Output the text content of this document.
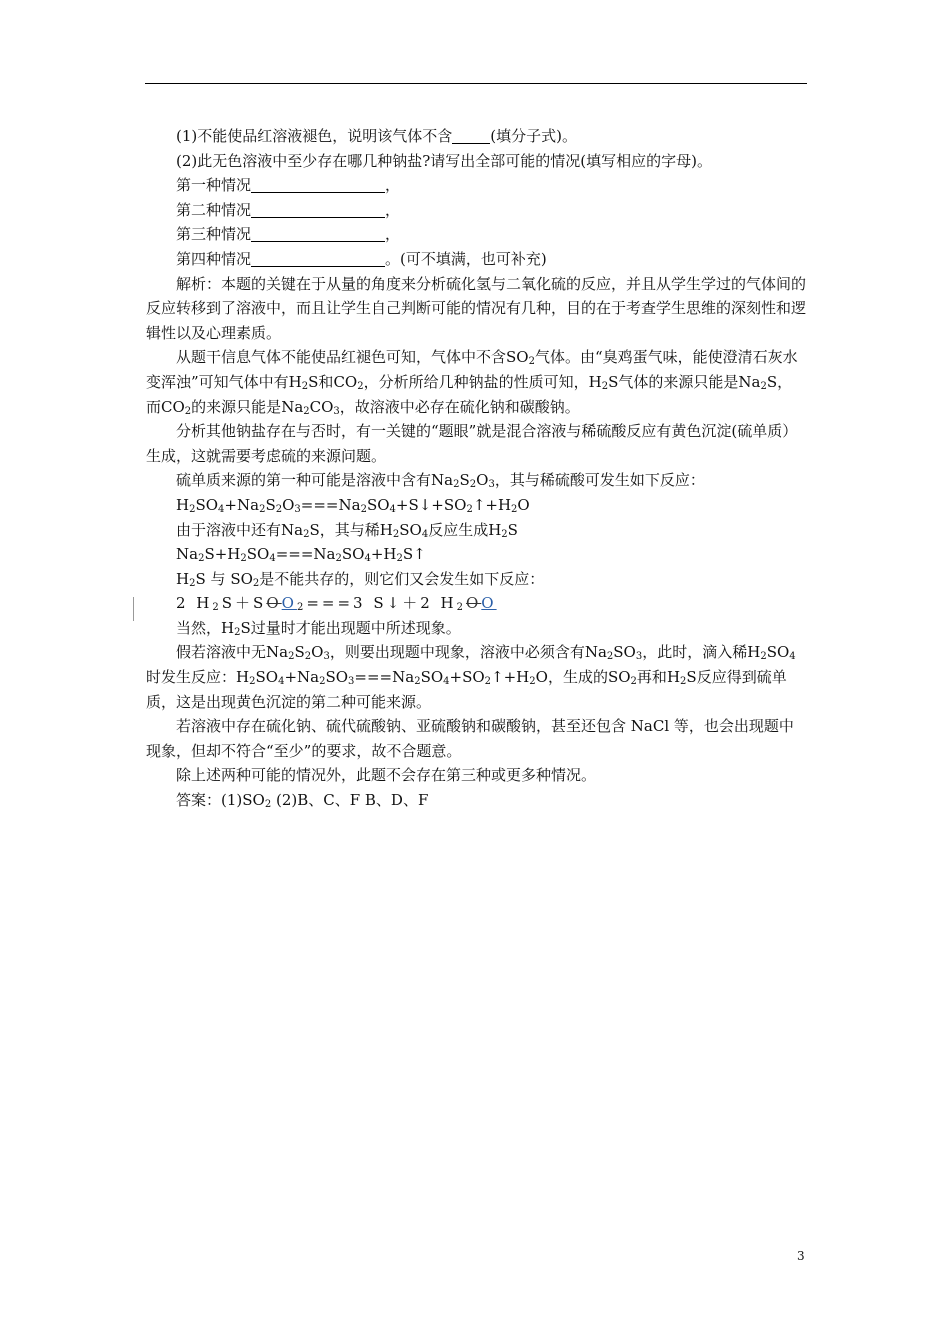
(1)不能使品红溶液褪色，说明该气体不含	(填分子式)。

(2)此无色溶液中至少存在哪几种钠盐?请写出全部可能的情况(填写相应的字母)。

第一种情况	，

第二种情况	，

第三种情况	，

第四种情况	。(可不填满，也可补充)

解析：本题的关键在于从量的角度来分析硫化氢与二氧化硫的反应，并且从学生学过的气体间的反应转移到了溶液中，而且让学生自己判断可能的情况有几种，目的在于考查学生思维的深刻性和逻辑性以及心理素质。

从题干信息气体不能使品红褪色可知，气体中不含$SO_2$气体。由“臭鸡蛋气味，能使澄清石灰水变浑浊”可知气体中有$H_2S$和$CO_2$，分析所给几种钠盐的性质可知，$H_2S$气体的来源只能是$Na_2S$，而$CO_2$的来源只能是$Na_2CO_3$，故溶液中必存在硫化钠和碳酸钠。

分析其他钠盐存在与否时，有一关键的“题眼”就是混合溶液与稀硫酸反应有黄色沉淀(硫单质）生成，这就需要考虑硫的来源问题。

硫单质来源的第一种可能是溶液中含有$Na_2S_2O_3$，其与稀硫酸可发生如下反应：

$H_2SO_4+Na_2S_2O_3===Na_2SO_4+S↓+SO_2↑+H_2O$

由于溶液中还有$Na_2S$，其与稀$H_2SO_4$反应生成$H_2S$

$Na_2S+H_2SO_4===Na_2SO_4+H_2S↑$

$H_2S$ 与 $SO_2$是不能共存的，则它们又会发生如下反应：

2 $H_2S+SOO_2===3$ S↓＋2 $H_2OO$

当然，$H_2S$过量时才能出现题中所述现象。

假若溶液中无$Na_2S_2O_3$，则要出现题中现象，溶液中必须含有$Na_2SO_3$，此时，滴入稀$H_2SO_4$时发生反应：$H_2SO_4+Na_2SO_3===Na_2SO_4+SO_2↑+H_2O$，生成的$SO_2$再和$H_2S$反应得到硫单质，这是出现黄色沉淀的第二种可能来源。

若溶液中存在硫化钠、硫代硫酸钠、亚硫酸钠和碳酸钠，甚至还包含 NaCl 等，也会出现题中现象，但却不符合“至少”的要求，故不合题意。

除上述两种可能的情况外，此题不会存在第三种或更多种情况。

答案：$(1)SO_2$ (2)B、C、F B、D、F

3
